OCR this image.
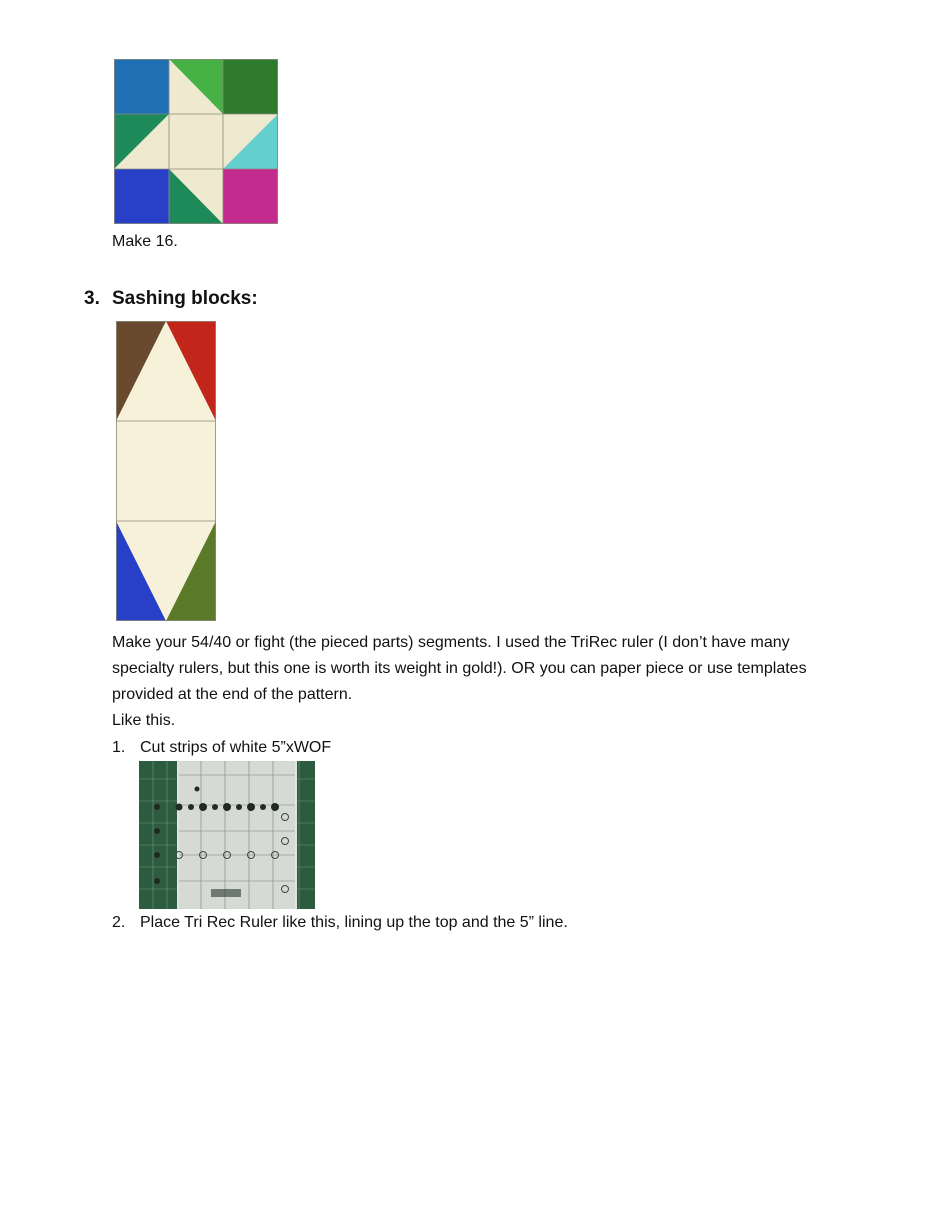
Make 16.
3. Sashing blocks:
Make your 54/40 or fight (the pieced parts) segments. I used the TriRec ruler (I don’t have many
specialty rulers, but this one is worth its weight in gold!). OR you can paper piece or use templates
provided at the end of the pattern.
Like this.
1. Cut strips of white 5”xWOF
2. Place Tri Rec Ruler like this, lining up the top and the 5” line.
